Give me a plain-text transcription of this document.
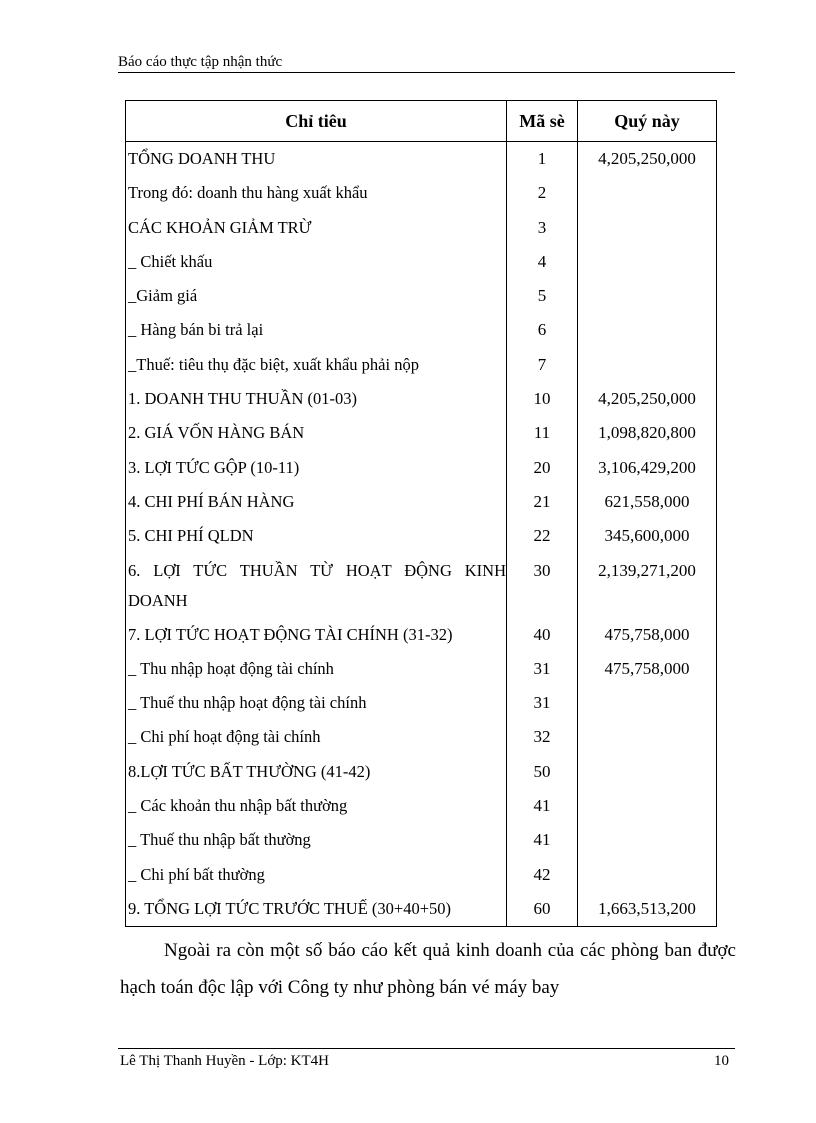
Báo cáo thực tập nhận thức
Chỉ tiêu	Mã sè	Quý này

TỔNG DOANH THU	1	4,205,250,000

Trong đó: doanh thu hàng xuất khẩu	2	

CÁC KHOẢN GIẢM TRỪ	3	

_ Chiết khấu	4	

_Giảm giá	5	

_ Hàng bán bi trả lại	6	

_Thuế: tiêu thụ đặc biệt, xuất khẩu phải nộp	7	

1. DOANH THU THUẦN (01-03)	10	4,205,250,000

2. GIÁ VỐN HÀNG BÁN	11	1,098,820,800

3. LỢI TỨC GỘP (10-11)	20	3,106,429,200

4. CHI PHÍ BÁN HÀNG	21	621,558,000

5. CHI PHÍ QLDN	22	345,600,000

6. LỢI TỨC THUẦN TỪ HOẠT ĐỘNG KINH DOANH	30	2,139,271,200

7. LỢI TỨC HOẠT ĐỘNG TÀI CHÍNH (31-32)	40	475,758,000

_ Thu nhập hoạt động tài chính	31	475,758,000

_ Thuế thu nhập hoạt động tài chính	31	

_ Chi phí hoạt động tài chính	32	

8.LỢI TỨC BẤT THƯỜNG (41-42)	50	

_ Các khoản thu nhập bất thường	41	

_ Thuế thu nhập bất thường	41	

_ Chi phí bất thường	42	

9. TỔNG LỢI TỨC TRƯỚC THUẾ (30+40+50)	60	1,663,513,200

Ngoài ra còn một số báo cáo kết quả kinh doanh của các phòng ban được hạch toán độc lập với Công ty như phòng bán vé máy bay

Lê Thị Thanh Huyền - Lớp: KT4H	10
